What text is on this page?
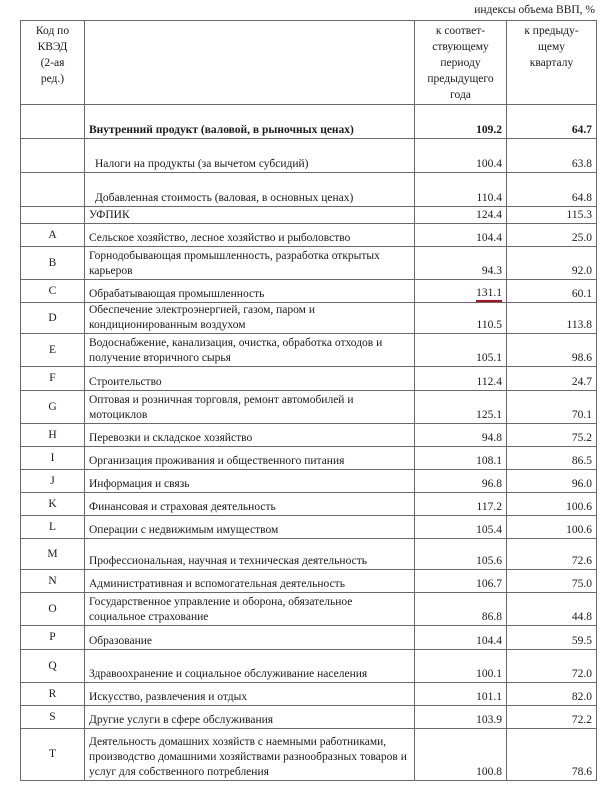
индексы объема ВВП, %
Код по КВЭД (2-ая ред.)		к соответ-ствующему периоду предыдущего года	к предыду-щему кварталу
	Внутренний продукт (валовой, в рыночных ценах)	109.2	64.7
	Налоги на продукты (за вычетом субсидий)	100.4	63.8
	Добавленная стоимость (валовая, в основных ценах)	110.4	64.8
	УФПИК	124.4	115.3
A	Сельское хозяйство, лесное хозяйство и рыболовство	104.4	25.0
B	Горнодобывающая промышленность, разработка открытых карьеров	94.3	92.0
C	Обрабатывающая промышленность	131.1	60.1
D	Обеспечение электроэнергией, газом, паром и кондиционированным воздухом	110.5	113.8
E	Водоснабжение, канализация, очистка, обработка отходов и получение вторичного сырья	105.1	98.6
F	Строительство	112.4	24.7
G	Оптовая и розничная торговля, ремонт автомобилей и мотоциклов	125.1	70.1
H	Перевозки и складское хозяйство	94.8	75.2
I	Организация проживания и общественного питания	108.1	86.5
J	Информация и связь	96.8	96.0
K	Финансовая и страховая деятельность	117.2	100.6
L	Операции с недвижимым имуществом	105.4	100.6
M	Профессиональная, научная и техническая деятельность	105.6	72.6
N	Административная и вспомогательная деятельность	106.7	75.0
O	Государственное управление и оборона, обязательное социальное страхование	86.8	44.8
P	Образование	104.4	59.5
Q	Здравоохранение и социальное обслуживание населения	100.1	72.0
R	Искусство, развлечения и отдых	101.1	82.0
S	Другие услуги в сфере обслуживания	103.9	72.2
T	Деятельность домашних хозяйств с наемными работниками, производство домашними хозяйствами разнообразных товаров и услуг для собственного потребления	100.8	78.6
